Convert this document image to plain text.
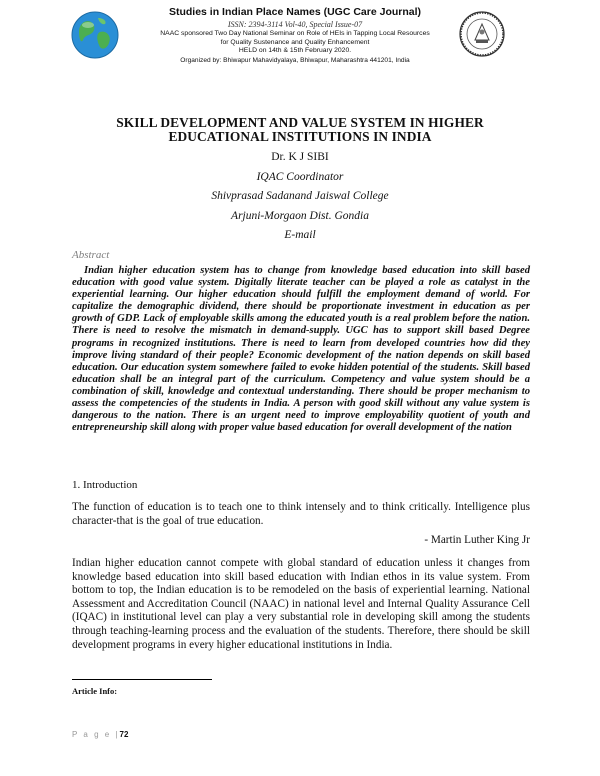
Studies in Indian Place Names (UGC Care Journal)
ISSN: 2394-3114 Vol-40, Special Issue-07
NAAC sponsored Two Day National Seminar on Role of HEIs in Tapping Local Resources
for Quality Sustenance and Quality Enhancement
HELD on 14th & 15th February 2020.
Organized by: Bhiwapur Mahavidyalaya, Bhiwapur, Maharashtra 441201, India
SKILL DEVELOPMENT AND VALUE SYSTEM IN HIGHER
EDUCATIONAL INSTITUTIONS IN INDIA
Dr. K J SIBI
IQAC Coordinator
Shivprasad Sadanand Jaiswal College
Arjuni-Morgaon Dist. Gondia
E-mail
Abstract
Indian higher education system has to change from knowledge based education into skill based education with good value system. Digitally literate teacher can be played a role as catalyst in the experiential learning. Our higher education should fulfill the employment demand of world. For capitalize the demographic dividend, there should be proportionate investment in education as per growth of GDP. Lack of employable skills among the educated youth is a real problem before the nation. There is need to resolve the mismatch in demand-supply. UGC has to support skill based Degree programs in recognized institutions. There is need to learn from developed countries how did they improve living standard of their people? Economic development of the nation depends on skill based education. Our education system somewhere failed to evoke hidden potential of the students. Skill based education shall be an integral part of the curriculum. Competency and value system should be a combination of skill, knowledge and contextual understanding. There should be proper mechanism to assess the competencies of the students in India. A person with good skill without any value system is dangerous to the nation. There is an urgent need to improve employability quotient of youth and entrepreneurship skill along with proper value based education for overall development of the nation
1. Introduction
The function of education is to teach one to think intensely and to think critically. Intelligence plus character-that is the goal of true education.
- Martin Luther King Jr
Indian higher education cannot compete with global standard of education unless it changes from knowledge based education into skill based education with Indian ethos in its value system. From bottom to top, the Indian education is to be remodeled on the basis of experiential learning. National Assessment and Accreditation Council (NAAC) in national level and Internal Quality Assurance Cell (IQAC) in institutional level can play a very substantial role in developing skill among the students through teaching-learning process and the evaluation of the students. Therefore, there should be skill development programs in every higher educational institutions in India.
Article Info:
P a g e |72
